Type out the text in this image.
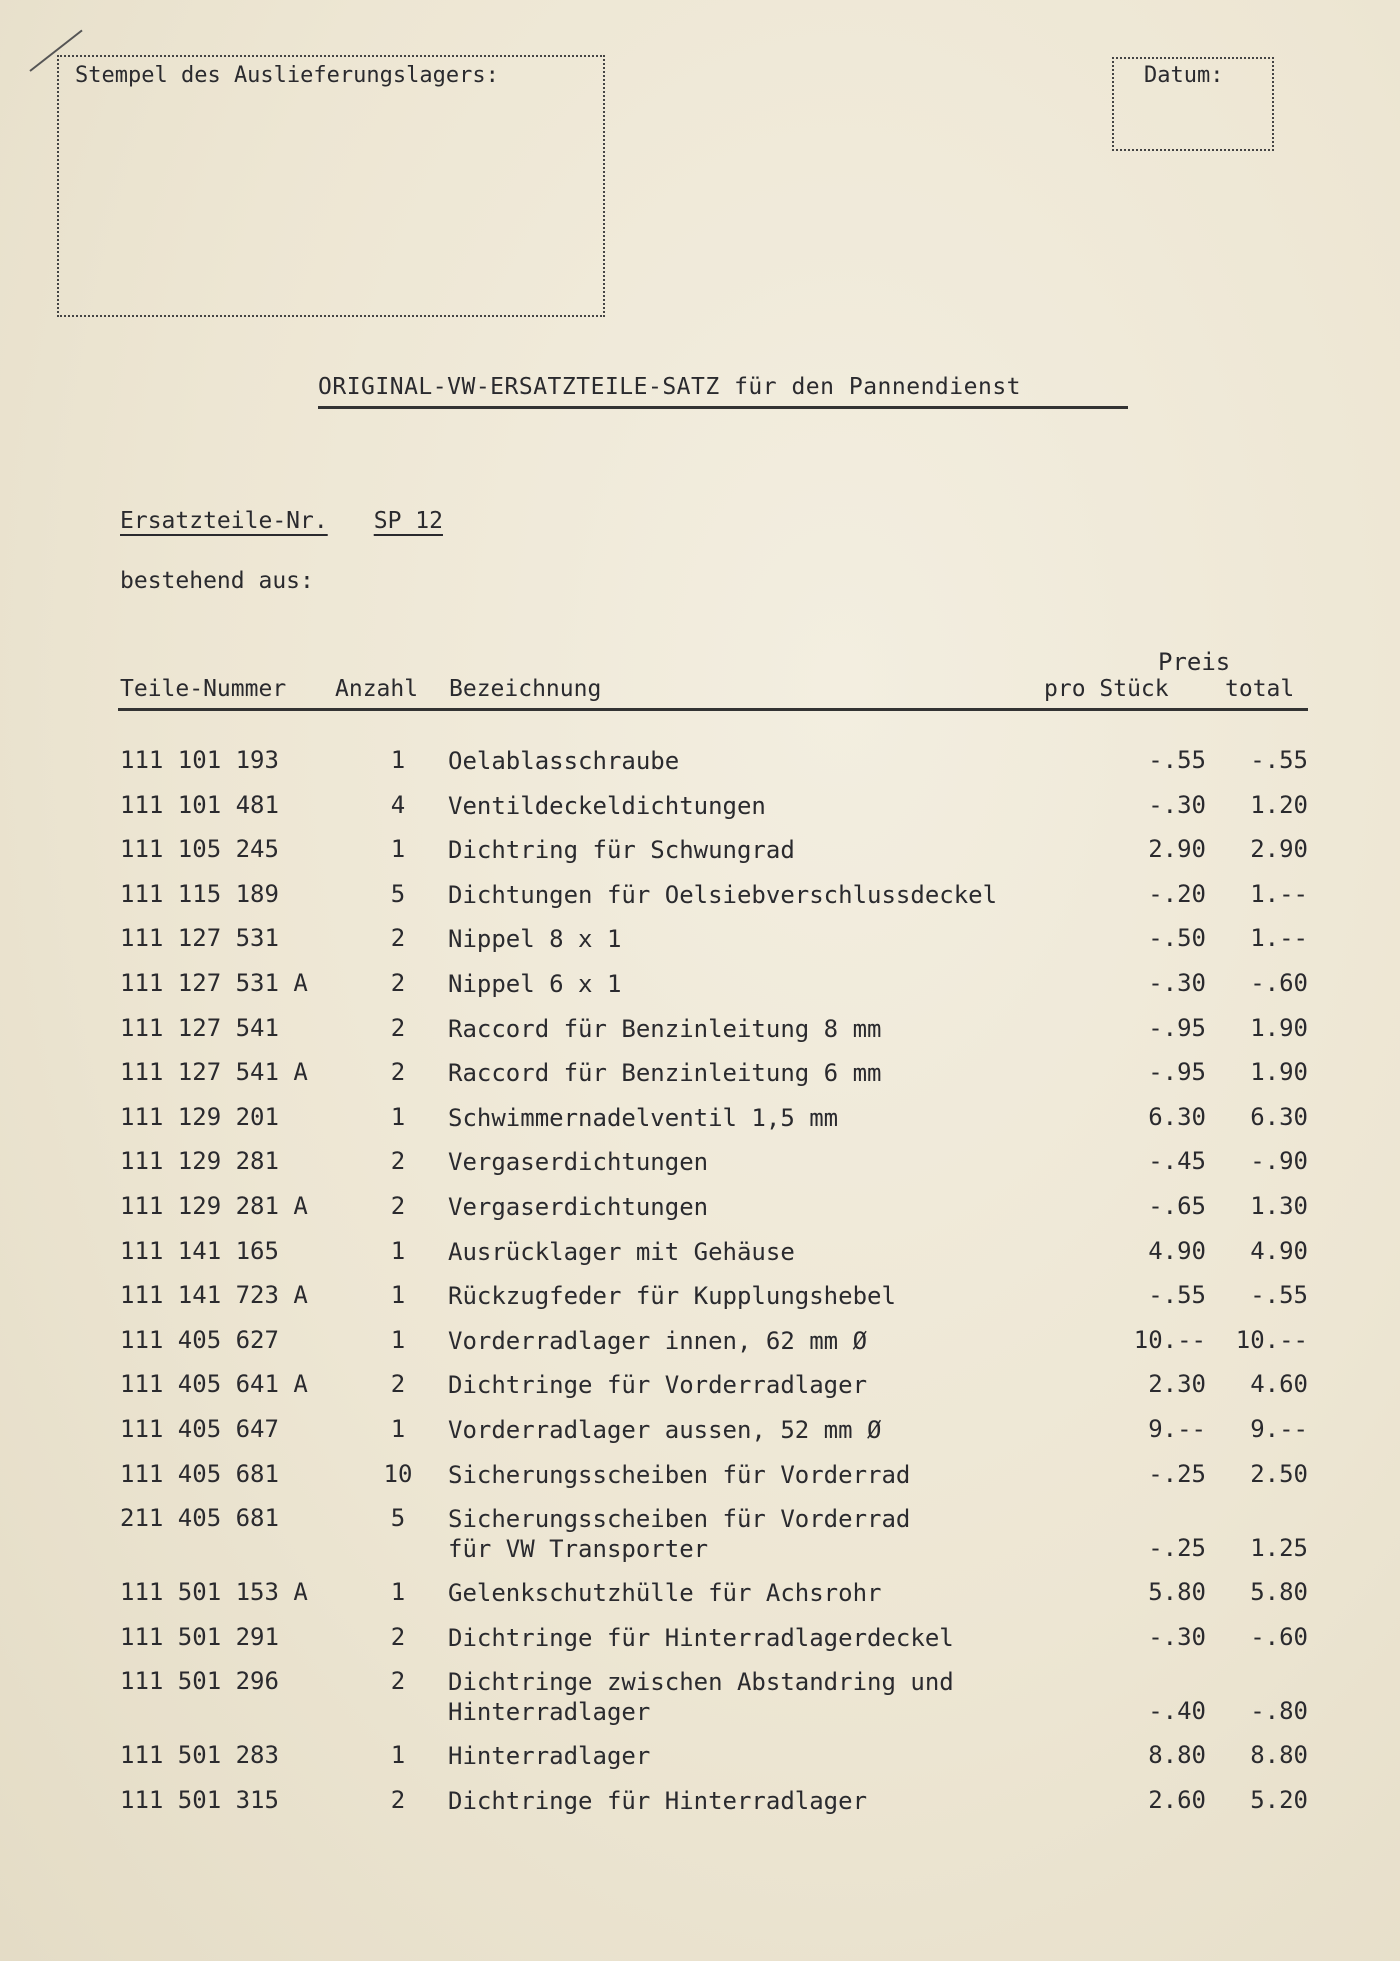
Stempel des Auslieferungslagers:	Datum:
ORIGINAL-VW-ERSATZTEILE-SATZ für den Pannendienst
Ersatzteile-Nr. SP 12
bestehend aus:
Preis
Teile-Nummer Anzahl Bezeichnung	pro Stück total
111 101 193	1	Oelablasschraube	-.55	-.55
111 101 481	4	Ventildeckeldichtungen	-.30	1.20
111 105 245	1	Dichtring für Schwungrad	2.90	2.90
111 115 189	5	Dichtungen für Oelsiebverschlussdeckel	-.20	1.--
111 127 531	2	Nippel 8 x 1	-.50	1.--
111 127 531 A	2	Nippel 6 x 1	-.30	-.60
111 127 541	2	Raccord für Benzinleitung 8 mm	-.95	1.90
111 127 541 A	2	Raccord für Benzinleitung 6 mm	-.95	1.90
111 129 201	1	Schwimmernadelventil 1,5 mm	6.30	6.30
111 129 281	2	Vergaserdichtungen	-.45	-.90
111 129 281 A	2	Vergaserdichtungen	-.65	1.30
111 141 165	1	Ausrücklager mit Gehäuse	4.90	4.90
111 141 723 A	1	Rückzugfeder für Kupplungshebel	-.55	-.55
111 405 627	1	Vorderradlager innen, 62 mm Ø	10.--	10.--
111 405 641 A	2	Dichtringe für Vorderradlager	2.30	4.60
111 405 647	1	Vorderradlager aussen, 52 mm Ø	9.--	9.--
111 405 681	10	Sicherungsscheiben für Vorderrad	-.25	2.50
211 405 681	5	Sicherungsscheiben für Vorderrad
für VW Transporter	-.25	1.25
111 501 153 A	1	Gelenkschutzhülle für Achsrohr	5.80	5.80
111 501 291	2	Dichtringe für Hinterradlagerdeckel	-.30	-.60
111 501 296	2	Dichtringe zwischen Abstandring und
Hinterradlager	-.40	-.80
111 501 283	1	Hinterradlager	8.80	8.80
111 501 315	2	Dichtringe für Hinterradlager	2.60	5.20
